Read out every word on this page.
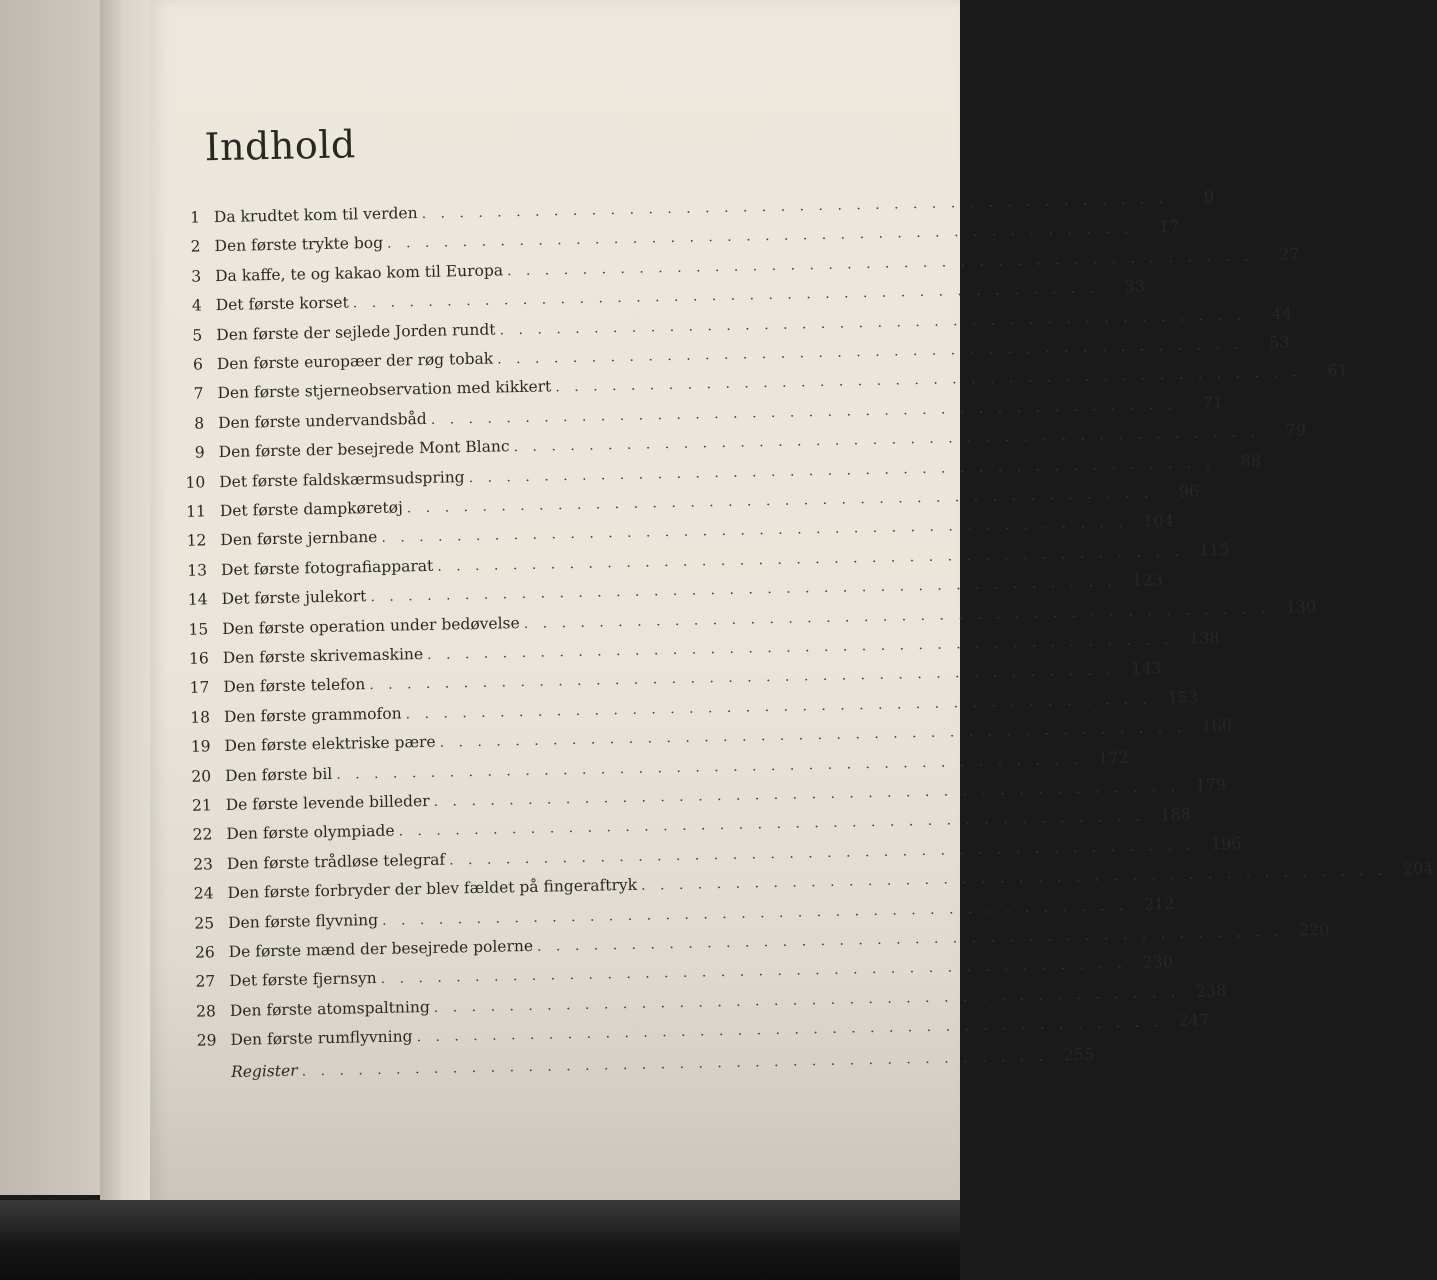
Indhold
1 Da krudtet kom til verden . . . . . . . . . . . . . . . . . . . . . . . . . . . . . . . . . . . . . . . .	9
2 Den første trykte bog . . . . . . . . . . . . . . . . . . . . . . . . . . . . . . . . . . . . . . . .	17
3 Da kaffe, te og kakao kom til Europa . . . . . . . . . . . . . . . . . . . . . . . . . . . . . . . . . . . . . . . .	27
4 Det første korset . . . . . . . . . . . . . . . . . . . . . . . . . . . . . . . . . . . . . . . .	33
5 Den første der sejlede Jorden rundt . . . . . . . . . . . . . . . . . . . . . . . . . . . . . . . . . . . . . . . .	44
6 Den første europæer der røg tobak . . . . . . . . . . . . . . . . . . . . . . . . . . . . . . . . . . . . . . . .	53
7 Den første stjerneobservation med kikkert . . . . . . . . . . . . . . . . . . . . . . . . . . . . . . . . . . . . . . . .	61
8 Den første undervandsbåd . . . . . . . . . . . . . . . . . . . . . . . . . . . . . . . . . . . . . . . .	71
9 Den første der besejrede Mont Blanc . . . . . . . . . . . . . . . . . . . . . . . . . . . . . . . . . . . . . . . .	79
10 Det første faldskærmsudspring . . . . . . . . . . . . . . . . . . . . . . . . . . . . . . . . . . . . . . . .	88
11 Det første dampkøretøj . . . . . . . . . . . . . . . . . . . . . . . . . . . . . . . . . . . . . . . .	96
12 Den første jernbane . . . . . . . . . . . . . . . . . . . . . . . . . . . . . . . . . . . . . . . . 104
13 Det første fotografiapparat . . . . . . . . . . . . . . . . . . . . . . . . . . . . . . . . . . . . . . . . 115
14 Det første julekort . . . . . . . . . . . . . . . . . . . . . . . . . . . . . . . . . . . . . . . . 123
15 Den første operation under bedøvelse . . . . . . . . . . . . . . . . . . . . . . . . . . . . . . . . . . . . . . . . 130
16 Den første skrivemaskine . . . . . . . . . . . . . . . . . . . . . . . . . . . . . . . . . . . . . . . . 138
17 Den første telefon . . . . . . . . . . . . . . . . . . . . . . . . . . . . . . . . . . . . . . . . 143
18 Den første grammofon . . . . . . . . . . . . . . . . . . . . . . . . . . . . . . . . . . . . . . . . 153
19 Den første elektriske pære . . . . . . . . . . . . . . . . . . . . . . . . . . . . . . . . . . . . . . . . 160
20 Den første bil . . . . . . . . . . . . . . . . . . . . . . . . . . . . . . . . . . . . . . . . 172
21 De første levende billeder . . . . . . . . . . . . . . . . . . . . . . . . . . . . . . . . . . . . . . . . 179
22 Den første olympiade . . . . . . . . . . . . . . . . . . . . . . . . . . . . . . . . . . . . . . . . 188
23 Den første trådløse telegraf . . . . . . . . . . . . . . . . . . . . . . . . . . . . . . . . . . . . . . . . 196
24 Den første forbryder der blev fældet på fingeraftryk . . . . . . . . . . . . . . . . . . . . . . . . . . . . . . . . . . . . . . . . 204
25 Den første flyvning . . . . . . . . . . . . . . . . . . . . . . . . . . . . . . . . . . . . . . . . 212
26 De første mænd der besejrede polerne . . . . . . . . . . . . . . . . . . . . . . . . . . . . . . . . . . . . . . . . 220
27 Det første fjernsyn . . . . . . . . . . . . . . . . . . . . . . . . . . . . . . . . . . . . . . . . 230
28 Den første atomspaltning . . . . . . . . . . . . . . . . . . . . . . . . . . . . . . . . . . . . . . . . 238
29 Den første rumflyvning . . . . . . . . . . . . . . . . . . . . . . . . . . . . . . . . . . . . . . . . 247
Register . . . . . . . . . . . . . . . . . . . . . . . . . . . . . . . . . . . . . . . . 255
